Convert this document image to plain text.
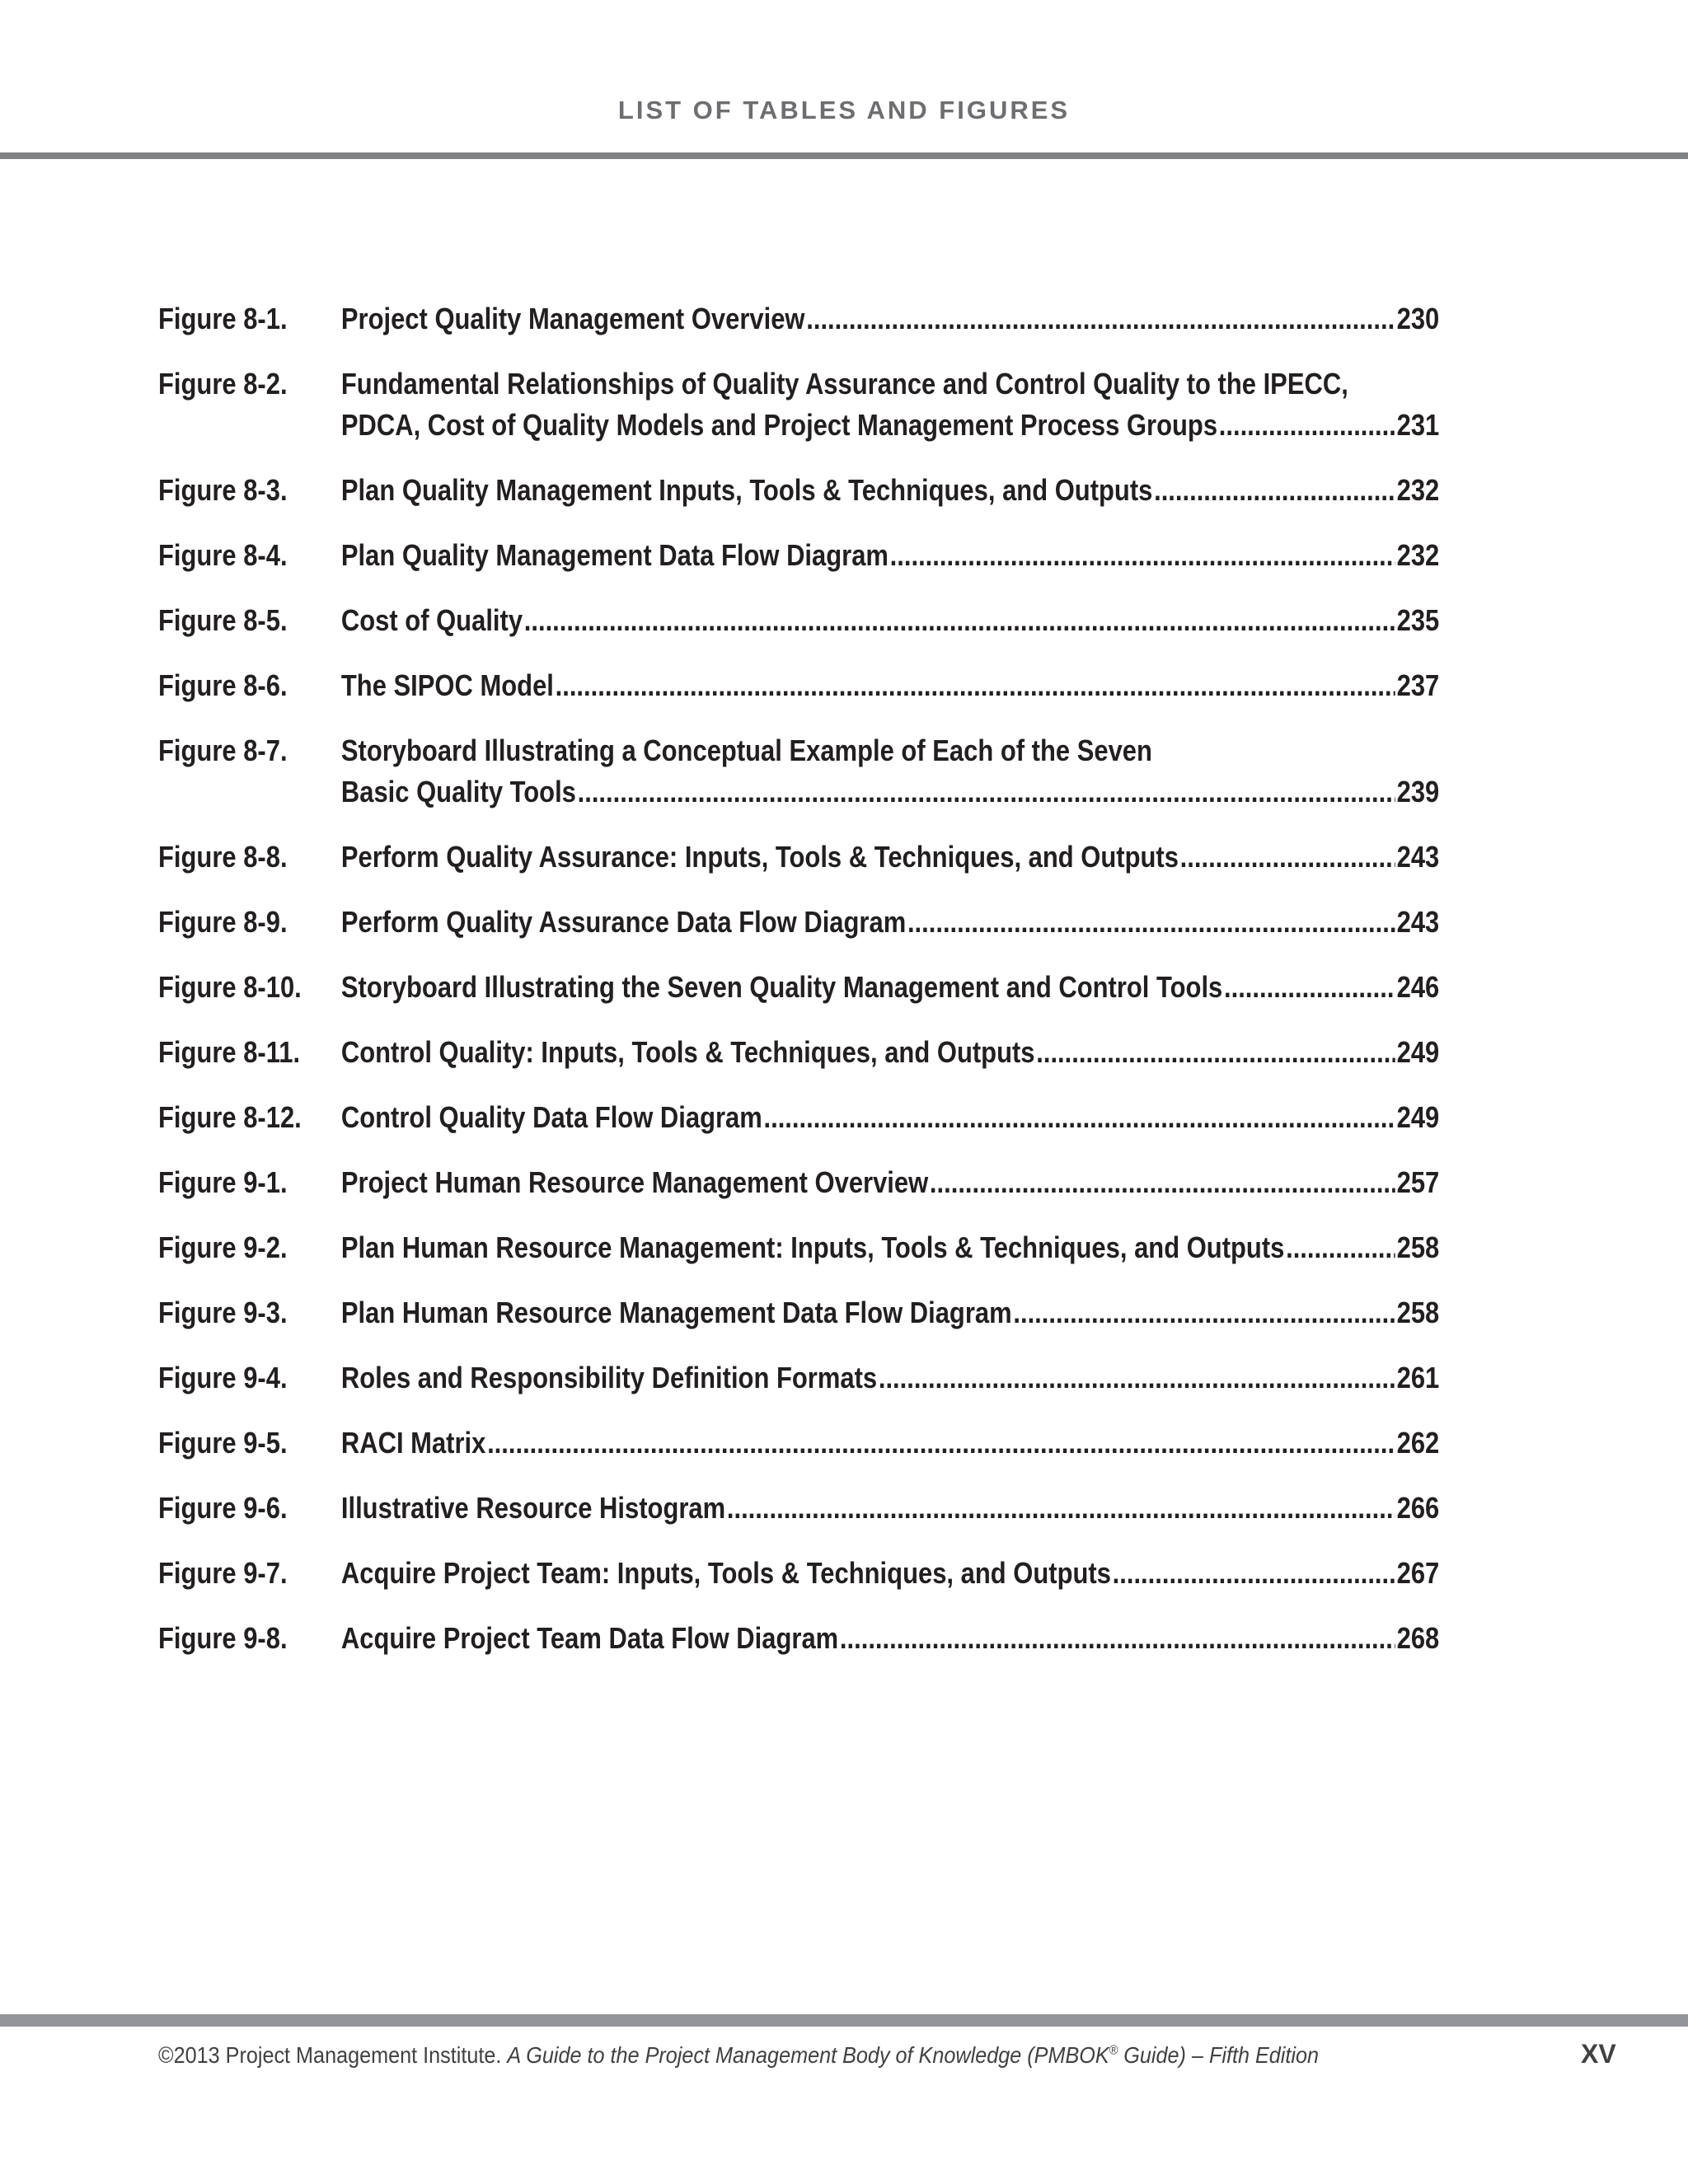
LIST OF TABLES AND FIGURES
Figure 8-1.	Project Quality Management Overview .....	230
Figure 8-2.	Fundamental Relationships of Quality Assurance and Control Quality to the IPECC,
PDCA, Cost of Quality Models and Project Management Process Groups .....	231
Figure 8-3.	Plan Quality Management Inputs, Tools & Techniques, and Outputs .....	232
Figure 8-4.	Plan Quality Management Data Flow Diagram .....	232
Figure 8-5.	Cost of Quality .....	235
Figure 8-6.	The SIPOC Model .....	237
Figure 8-7.	Storyboard Illustrating a Conceptual Example of Each of the Seven
Basic Quality Tools .....	239
Figure 8-8.	Perform Quality Assurance: Inputs, Tools & Techniques, and Outputs .....	243
Figure 8-9.	Perform Quality Assurance Data Flow Diagram .....	243
Figure 8-10.	Storyboard Illustrating the Seven Quality Management and Control Tools .....	246
Figure 8-11.	Control Quality: Inputs, Tools & Techniques, and Outputs .....	249
Figure 8-12.	Control Quality Data Flow Diagram .....	249
Figure 9-1.	Project Human Resource Management Overview .....	257
Figure 9-2.	Plan Human Resource Management: Inputs, Tools & Techniques, and Outputs .....	258
Figure 9-3.	Plan Human Resource Management Data Flow Diagram .....	258
Figure 9-4.	Roles and Responsibility Definition Formats .....	261
Figure 9-5.	RACI Matrix .....	262
Figure 9-6.	Illustrative Resource Histogram .....	266
Figure 9-7.	Acquire Project Team: Inputs, Tools & Techniques, and Outputs .....	267
Figure 9-8.	Acquire Project Team Data Flow Diagram .....	268
©2013 Project Management Institute. A Guide to the Project Management Body of Knowledge (PMBOK® Guide) – Fifth Edition	XV
